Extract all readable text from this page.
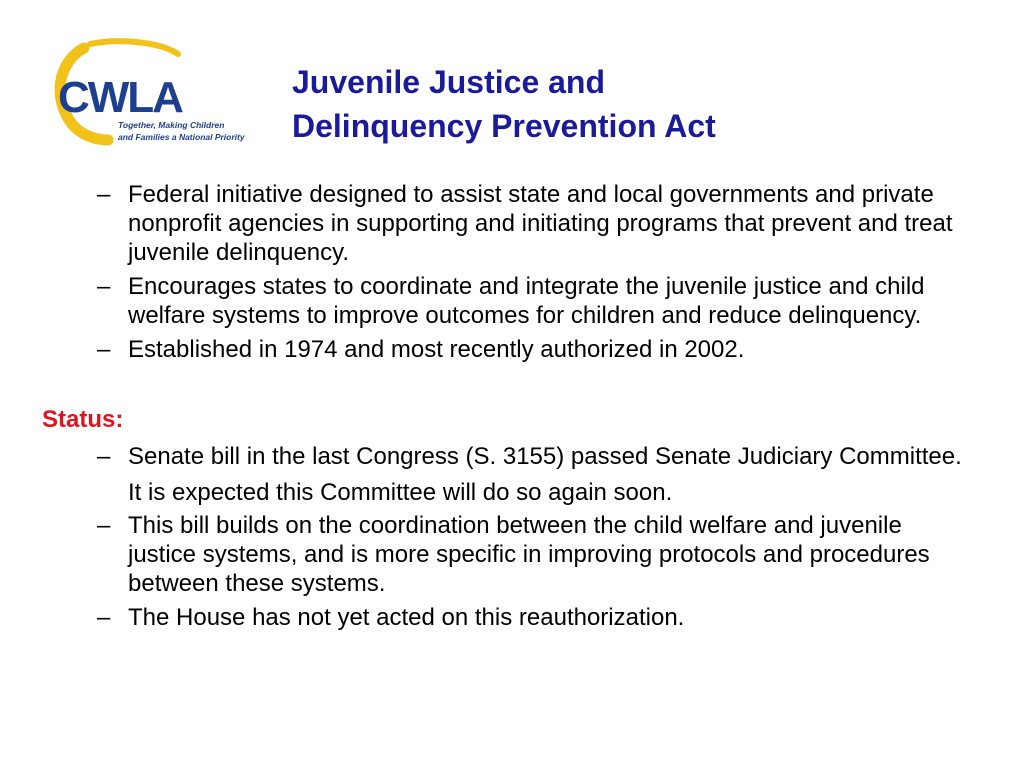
CWLA
Together, Making Children
and Families a National Priority
Juvenile Justice and
Delinquency Prevention Act
– Federal initiative designed to assist state and local governments and private nonprofit agencies in supporting and initiating programs that prevent and treat juvenile delinquency.
– Encourages states to coordinate and integrate the juvenile justice and child welfare systems to improve outcomes for children and reduce delinquency.
– Established in 1974 and most recently authorized in 2002.
Status:
– Senate bill in the last Congress (S. 3155) passed Senate Judiciary Committee. It is expected this Committee will do so again soon.
– This bill builds on the coordination between the child welfare and juvenile justice systems, and is more specific in improving protocols and procedures between these systems.
– The House has not yet acted on this reauthorization.
